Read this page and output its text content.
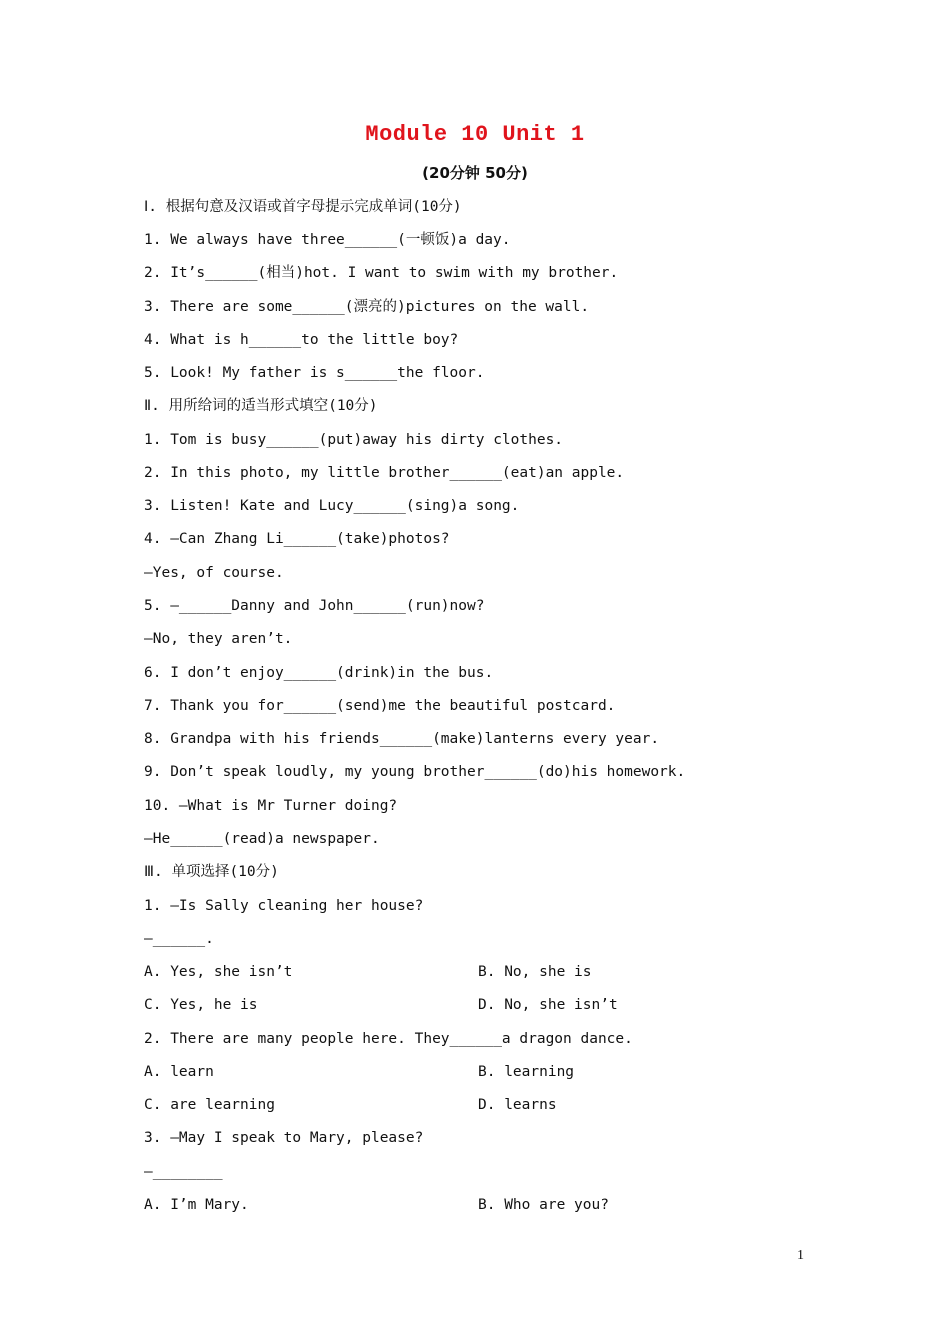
Module 10 Unit 1
(20分钟 50分)
Ⅰ. 根据句意及汉语或首字母提示完成单词(10分)
1. We always have three______(一顿饭)a day.
2. It’s______(相当)hot. I want to swim with my brother.
3. There are some______(漂亮的)pictures on the wall.
4. What is h______to the little boy?
5. Look! My father is s______the floor.
Ⅱ. 用所给词的适当形式填空(10分)
1. Tom is busy______(put)away his dirty clothes.
2. In this photo, my little brother______(eat)an apple.
3. Listen! Kate and Lucy______(sing)a song.
4. —Can Zhang Li______(take)photos?
—Yes, of course.
5. —______Danny and John______(run)now?
—No, they aren’t.
6. I don’t enjoy______(drink)in the bus.
7. Thank you for______(send)me the beautiful postcard.
8. Grandpa with his friends______(make)lanterns every year.
9. Don’t speak loudly, my young brother______(do)his homework.
10. —What is Mr Turner doing?
—He______(read)a newspaper.
Ⅲ. 单项选择(10分)
1. —Is Sally cleaning her house?
—______.
A. Yes, she isn’t	B. No, she is
C. Yes, he is	D. No, she isn’t
2. There are many people here. They______a dragon dance.
A. learn	B. learning
C. are learning	D. learns
3. —May I speak to Mary, please?
—________
A. I’m Mary.	B. Who are you?
1
